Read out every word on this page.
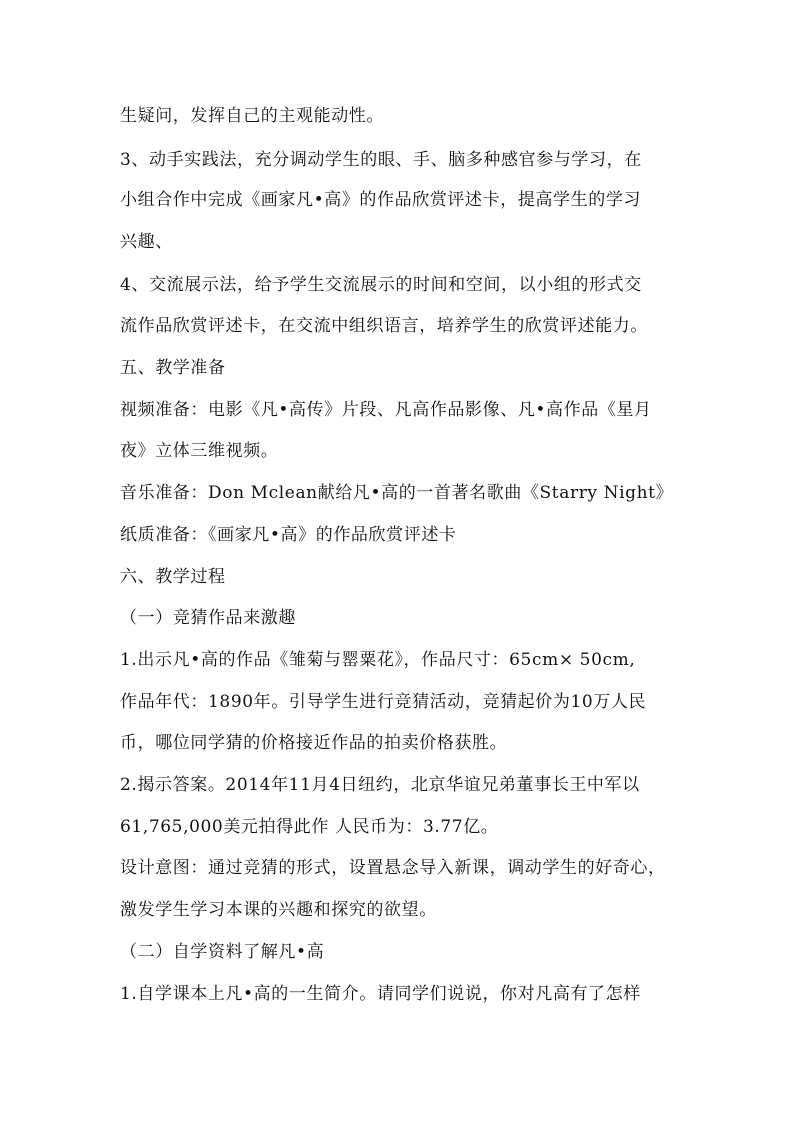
生疑问，发挥自己的主观能动性。
3、动手实践法，充分调动学生的眼、手、脑多种感官参与学习，在
小组合作中完成《画家凡•高》的作品欣赏评述卡，提高学生的学习
兴趣、
4、交流展示法，给予学生交流展示的时间和空间，以小组的形式交
流作品欣赏评述卡，在交流中组织语言，培养学生的欣赏评述能力。
五、教学准备
视频准备：电影《凡•高传》片段、凡高作品影像、凡•高作品《星月
夜》立体三维视频。
音乐准备：Don Mclean献给凡•高的一首著名歌曲《Starry Night》
纸质准备：《画家凡•高》的作品欣赏评述卡
六、教学过程
（一）竞猜作品来激趣
1.出示凡•高的作品《雏菊与罂粟花》，作品尺寸：65cm× 50cm,
作品年代：1890年。引导学生进行竞猜活动，竞猜起价为10万人民
币，哪位同学猜的价格接近作品的拍卖价格获胜。
2.揭示答案。2014年11月4日纽约，北京华谊兄弟董事长王中军以
61,765,000美元拍得此作 人民币为：3.77亿。
设计意图：通过竞猜的形式，设置悬念导入新课，调动学生的好奇心，
激发学生学习本课的兴趣和探究的欲望。
（二）自学资料了解凡•高
1.自学课本上凡•高的一生简介。请同学们说说，你对凡高有了怎样
